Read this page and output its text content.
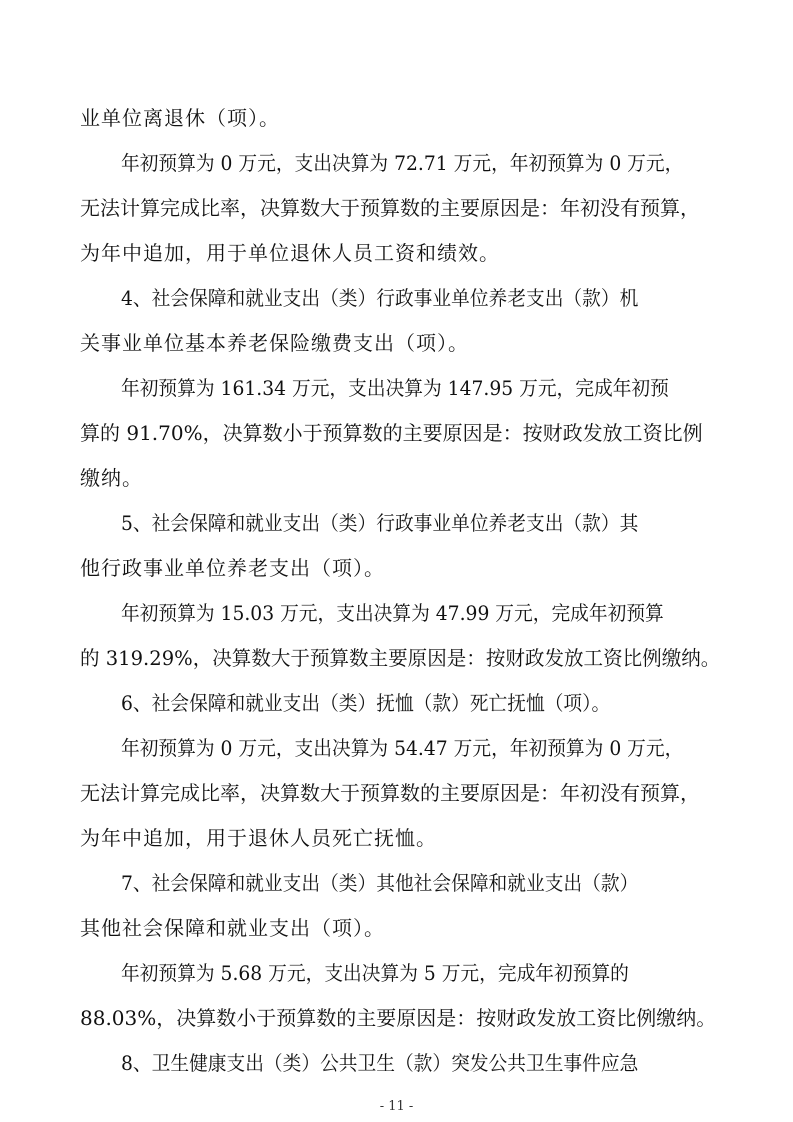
业单位离退休（项）。
年初预算为 0 万元，支出决算为 72.71 万元，年初预算为 0 万元，
无法计算完成比率，决算数大于预算数的主要原因是：年初没有预算，
为年中追加，用于单位退休人员工资和绩效。
4、社会保障和就业支出（类）行政事业单位养老支出（款）机
关事业单位基本养老保险缴费支出（项）。
年初预算为 161.34 万元，支出决算为 147.95 万元，完成年初预
算的 91.70%，决算数小于预算数的主要原因是：按财政发放工资比例
缴纳。
5、社会保障和就业支出（类）行政事业单位养老支出（款）其
他行政事业单位养老支出（项）。
年初预算为 15.03 万元，支出决算为 47.99 万元，完成年初预算
的 319.29%，决算数大于预算数主要原因是：按财政发放工资比例缴纳。
6、社会保障和就业支出（类）抚恤（款）死亡抚恤（项）。
年初预算为 0 万元，支出决算为 54.47 万元，年初预算为 0 万元，
无法计算完成比率，决算数大于预算数的主要原因是：年初没有预算，
为年中追加，用于退休人员死亡抚恤。
7、社会保障和就业支出（类）其他社会保障和就业支出（款）
其他社会保障和就业支出（项）。
年初预算为 5.68 万元，支出决算为 5 万元，完成年初预算的
88.03%，决算数小于预算数的主要原因是：按财政发放工资比例缴纳。
8、卫生健康支出（类）公共卫生（款）突发公共卫生事件应急
- 11 -
